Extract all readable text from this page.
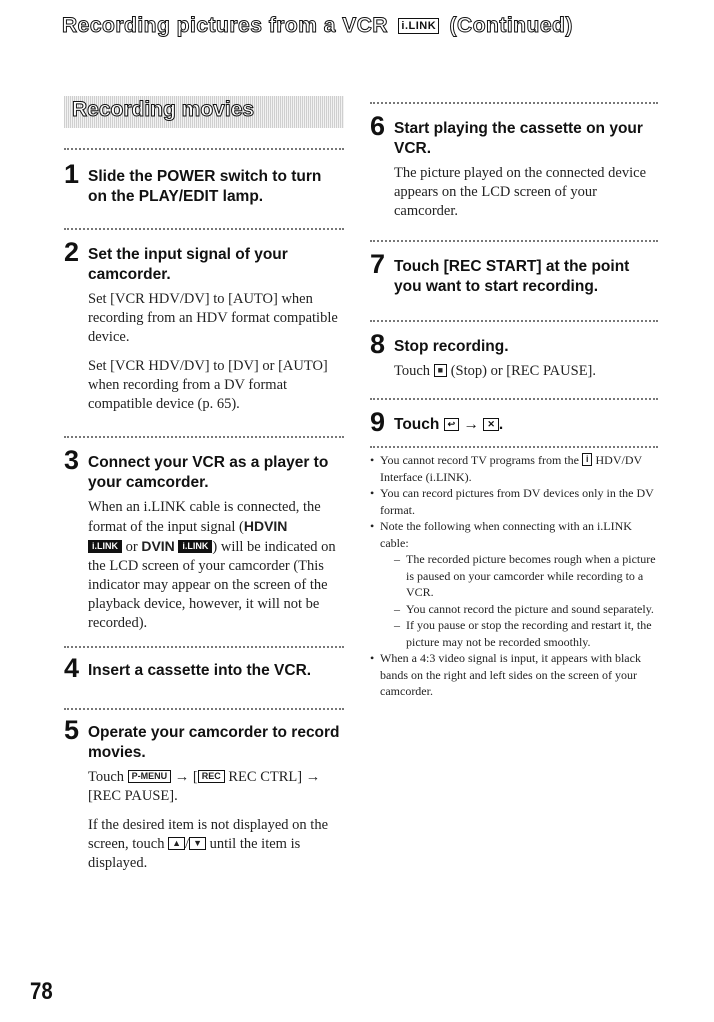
Recording pictures from a VCR i.LINK (Continued)
Recording movies
1 Slide the POWER switch to turn on the PLAY/EDIT lamp.
2 Set the input signal of your camcorder.

Set [VCR HDV/DV] to [AUTO] when recording from an HDV format compatible device.

Set [VCR HDV/DV] to [DV] or [AUTO] when recording from a DV format compatible device (p. 65).

3 Connect your VCR as a player to your camcorder.

When an i.LINK cable is connected, the format of the input signal (HDVIN
i.LINK or DVIN i.LINK ) will be indicated on the LCD screen of your camcorder (This indicator may appear on the screen of the playback device, however, it will not be recorded).

4 Insert a cassette into the VCR.
5 Operate your camcorder to record movies.

Touch P-MENU → [ REC REC CTRL] →
[REC PAUSE].

If the desired item is not displayed on the screen, touch ▲ / ▼ until the item is displayed.

6 Start playing the cassette on your VCR.

The picture played on the connected device appears on the LCD screen of your camcorder.

7 Touch [REC START] at the point you want to start recording.
8 Stop recording.

Touch ■ (Stop) or [REC PAUSE].

9 Touch ↩ → ✕ .
• You cannot record TV programs from the i HDV/DV Interface (i.LINK).
• You can record pictures from DV devices only in the DV format.
• Note the following when connecting with an i.LINK cable:
– The recorded picture becomes rough when a picture is paused on your camcorder while recording to a VCR.
– You cannot record the picture and sound separately.
– If you pause or stop the recording and restart it, the picture may not be recorded smoothly.
• When a 4:3 video signal is input, it appears with black bands on the right and left sides on the screen of your camcorder.
78
